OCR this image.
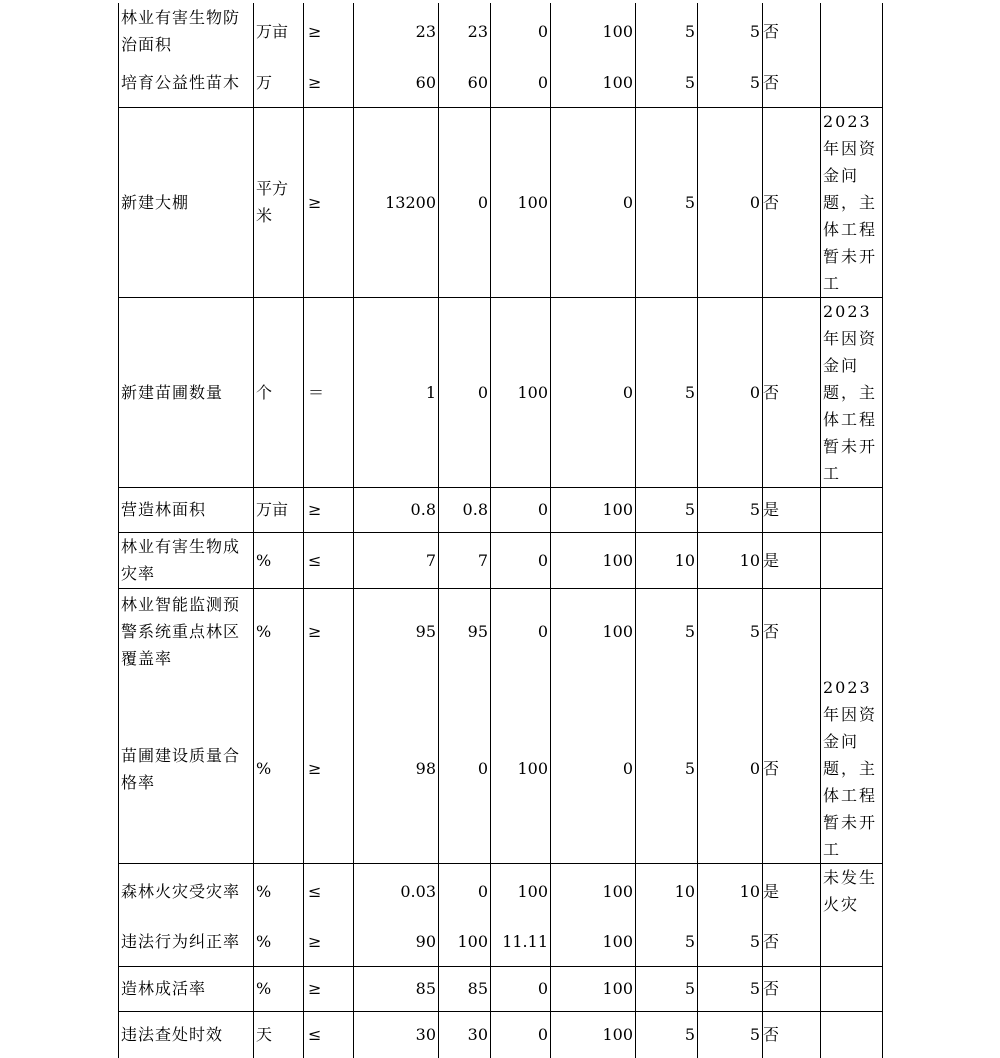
林业有害生物防治面积	万亩	≥	23	23	0	100	5	5	否	
培育公益性苗木	万	≥	60	60	0	100	5	5	否	
新建大棚	平方米	≥	13200	0	100	0	5	0	否	2023年因资金问题，主体工程暂未开工
新建苗圃数量	个	＝	1	0	100	0	5	0	否	2023年因资金问题，主体工程暂未开工
营造林面积	万亩	≥	0.8	0.8	0	100	5	5	是	
林业有害生物成灾率	%	≤	7	7	0	100	10	10	是	
林业智能监测预警系统重点林区覆盖率	%	≥	95	95	0	100	5	5	否	
苗圃建设质量合格率	%	≥	98	0	100	0	5	0	否	2023年因资金问题，主体工程暂未开工
森林火灾受灾率	%	≤	0.03	0	100	100	10	10	是	未发生火灾
违法行为纠正率	%	≥	90	100	11.11	100	5	5	否	
造林成活率	%	≥	85	85	0	100	5	5	否	
违法查处时效	天	≤	30	30	0	100	5	5	否	
